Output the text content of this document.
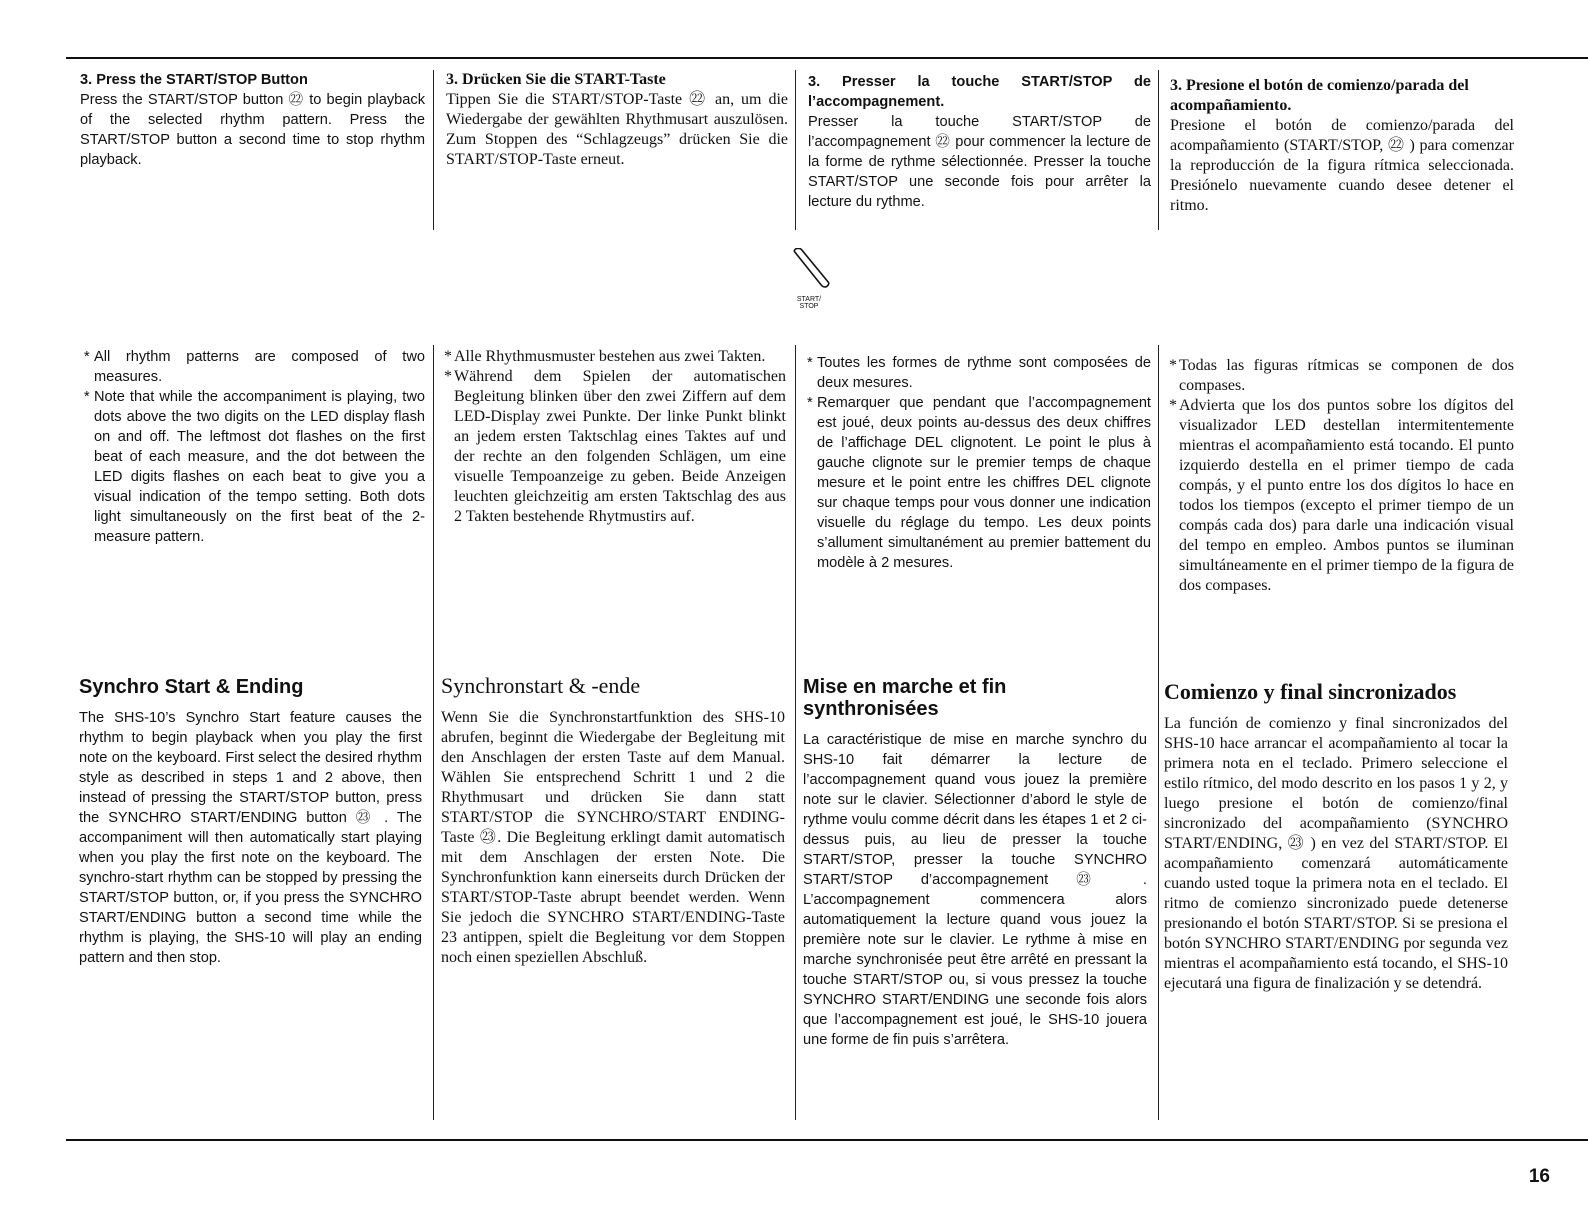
3. Press the START/STOP Button
Press the START/STOP button ㉒ to begin playback of the selected rhythm pattern. Press the START/STOP button a second time to stop rhythm playback.
3. Drücken Sie die START-Taste
Tippen Sie die START/STOP-Taste ㉒ an, um die Wiedergabe der gewählten Rhythmusart auszulösen. Zum Stoppen des “Schlagzeugs” drücken Sie die START/STOP-Taste erneut.
3. Presser la touche START/STOP de l’accompagnement.
Presser la touche START/STOP de l’accompagnement ㉒ pour commencer la lecture de la forme de rythme sélectionnée. Presser la touche START/STOP une seconde fois pour arrêter la lecture du rythme.
3. Presione el botón de comienzo/parada del acompañamiento.
Presione el botón de comienzo/parada del acompañamiento (START/STOP, ㉒ ) para comenzar la reproducción de la figura rítmica seleccionada. Presiónelo nuevamente cuando desee detener el ritmo.
START/
STOP
* All rhythm patterns are composed of two measures.
* Note that while the accompaniment is playing, two dots above the two digits on the LED display flash on and off. The leftmost dot flashes on the first beat of each measure, and the dot between the LED digits flashes on each beat to give you a visual indication of the tempo setting. Both dots light simultaneously on the first beat of the 2-measure pattern.
* Alle Rhythmusmuster bestehen aus zwei Takten.
* Während dem Spielen der automatischen Begleitung blinken über den zwei Ziffern auf dem LED-Display zwei Punkte. Der linke Punkt blinkt an jedem ersten Taktschlag eines Taktes auf und der rechte an den folgenden Schlägen, um eine visuelle Tempoanzeige zu geben. Beide Anzeigen leuchten gleichzeitig am ersten Taktschlag des aus 2 Takten bestehende Rhytmustirs auf.
* Toutes les formes de rythme sont composées de deux mesures.
* Remarquer que pendant que l’accompagnement est joué, deux points au-dessus des deux chiffres de l’affichage DEL clignotent. Le point le plus à gauche clignote sur le premier temps de chaque mesure et le point entre les chiffres DEL clignote sur chaque temps pour vous donner une indication visuelle du réglage du tempo. Les deux points s’allument simultanément au premier battement du modèle à 2 mesures.
* Todas las figuras rítmicas se componen de dos compases.
* Advierta que los dos puntos sobre los dígitos del visualizador LED destellan intermitentemente mientras el acompañamiento está tocando. El punto izquierdo destella en el primer tiempo de cada compás, y el punto entre los dos dígitos lo hace en todos los tiempos (excepto el primer tiempo de un compás cada dos) para darle una indicación visual del tempo en empleo. Ambos puntos se iluminan simultáneamente en el primer tiempo de la figura de dos compases.
Synchro Start & Ending
The SHS-10’s Synchro Start feature causes the rhythm to begin playback when you play the first note on the keyboard. First select the desired rhythm style as described in steps 1 and 2 above, then instead of pressing the START/STOP button, press the SYNCHRO START/ENDING button ㉓ . The accompaniment will then automatically start playing when you play the first note on the keyboard. The synchro-start rhythm can be stopped by pressing the START/STOP button, or, if you press the SYNCHRO START/ENDING button a second time while the rhythm is playing, the SHS-10 will play an ending pattern and then stop.
Synchronstart & -ende
Wenn Sie die Synchronstartfunktion des SHS-10 abrufen, beginnt die Wiedergabe der Begleitung mit den Anschlagen der ersten Taste auf dem Manual. Wählen Sie entsprechend Schritt 1 und 2 die Rhythmusart und drücken Sie dann statt START/STOP die SYNCHRO/START ENDING-Taste ㉓. Die Begleitung erklingt damit automatisch mit dem Anschlagen der ersten Note. Die Synchronfunktion kann einerseits durch Drücken der START/STOP-Taste abrupt beendet werden. Wenn Sie jedoch die SYNCHRO START/ENDING-Taste 23 antippen, spielt die Begleitung vor dem Stoppen noch einen speziellen Abschluß.
Mise en marche et fin synthronisées
La caractéristique de mise en marche synchro du SHS-10 fait démarrer la lecture de l’accompagnement quand vous jouez la première note sur le clavier. Sélectionner d’abord le style de rythme voulu comme décrit dans les étapes 1 et 2 ci-dessus puis, au lieu de presser la touche START/STOP, presser la touche SYNCHRO START/STOP d’accompagnement ㉓ . L’accompagnement commencera alors automatiquement la lecture quand vous jouez la première note sur le clavier. Le rythme à mise en marche synchronisée peut être arrêté en pressant la touche START/STOP ou, si vous pressez la touche SYNCHRO START/ENDING une seconde fois alors que l’accompagnement est joué, le SHS-10 jouera une forme de fin puis s’arrêtera.
Comienzo y final sincronizados
La función de comienzo y final sincronizados del SHS-10 hace arrancar el acompañamiento al tocar la primera nota en el teclado. Primero seleccione el estilo rítmico, del modo descrito en los pasos 1 y 2, y luego presione el botón de comienzo/final sincronizado del acompañamiento (SYNCHRO START/ENDING, ㉓ ) en vez del START/STOP. El acompañamiento comenzará automáticamente cuando usted toque la primera nota en el teclado. El ritmo de comienzo sincronizado puede detenerse presionando el botón START/STOP. Si se presiona el botón SYNCHRO START/ENDING por segunda vez mientras el acompañamiento está tocando, el SHS-10 ejecutará una figura de finalización y se detendrá.
16
